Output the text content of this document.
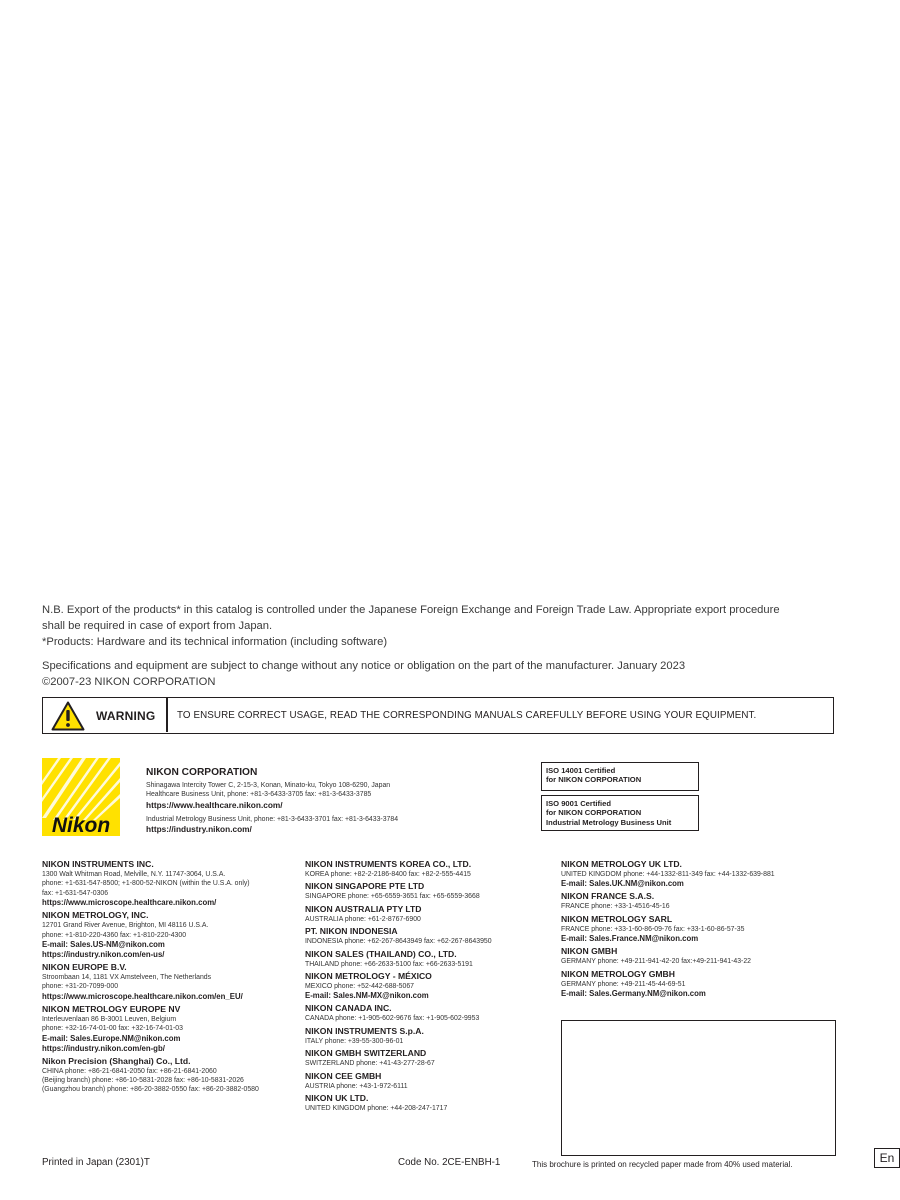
N.B. Export of the products* in this catalog is controlled under the Japanese Foreign Exchange and Foreign Trade Law. Appropriate export procedure

shall be required in case of export from Japan.

*Products: Hardware and its technical information (including software)

Specifications and equipment are subject to change without any notice or obligation on the part of the manufacturer. January 2023

©2007-23 NIKON CORPORATION

WARNING TO ENSURE CORRECT USAGE, READ THE CORRESPONDING MANUALS CAREFULLY BEFORE USING YOUR EQUIPMENT.
Nikon
NIKON CORPORATION
Shinagawa Intercity Tower C, 2-15-3, Konan, Minato-ku, Tokyo 108-6290, Japan
Healthcare Business Unit, phone: +81-3-6433-3705 fax: +81-3-6433-3785
https://www.healthcare.nikon.com/
Industrial Metrology Business Unit, phone: +81-3-6433-3701 fax: +81-3-6433-3784
https://industry.nikon.com/
ISO 14001 Certified
for NIKON CORPORATION
ISO 9001 Certified
for NIKON CORPORATION
Industrial Metrology Business Unit
NIKON INSTRUMENTS INC.
1300 Walt Whitman Road, Melville, N.Y. 11747-3064, U.S.A.
phone: +1-631-547-8500; +1-800-52-NIKON (within the U.S.A. only)
fax: +1-631-547-0306
https://www.microscope.healthcare.nikon.com/
NIKON METROLOGY, INC.
12701 Grand River Avenue, Brighton, MI 48116 U.S.A.
phone: +1-810-220-4360 fax: +1-810-220-4300
E-mail: Sales.US-NM@nikon.com
https://industry.nikon.com/en-us/
NIKON EUROPE B.V.
Stroombaan 14, 1181 VX Amstelveen, The Netherlands
phone: +31-20-7099-000
https://www.microscope.healthcare.nikon.com/en_EU/
NIKON METROLOGY EUROPE NV
Interleuvenlaan 86 B-3001 Leuven, Belgium
phone: +32-16-74-01-00 fax: +32-16-74-01-03
E-mail: Sales.Europe.NM@nikon.com
https://industry.nikon.com/en-gb/
Nikon Precision (Shanghai) Co., Ltd.
CHINA phone: +86-21-6841-2050 fax: +86-21-6841-2060
(Beijing branch) phone: +86-10-5831-2028 fax: +86-10-5831-2026
(Guangzhou branch) phone: +86-20-3882-0550 fax: +86-20-3882-0580
NIKON INSTRUMENTS KOREA CO., LTD.
KOREA phone: +82-2-2186-8400 fax: +82-2-555-4415
NIKON SINGAPORE PTE LTD
SINGAPORE phone: +65-6559-3651 fax: +65-6559-3668
NIKON AUSTRALIA PTY LTD
AUSTRALIA phone: +61-2-8767-6900
PT. NIKON INDONESIA
INDONESIA phone: +62-267-8643949 fax: +62-267-8643950
NIKON SALES (THAILAND) CO., LTD.
THAILAND phone: +66-2633-5100 fax: +66-2633-5191
NIKON METROLOGY - MÉXICO
MEXICO phone: +52-442-688-5067
E-mail: Sales.NM-MX@nikon.com
NIKON CANADA INC.
CANADA phone: +1-905-602-9676 fax: +1-905-602-9953
NIKON INSTRUMENTS S.p.A.
ITALY phone: +39-55-300-96-01
NIKON GMBH SWITZERLAND
SWITZERLAND phone: +41-43-277-28-67
NIKON CEE GMBH
AUSTRIA phone: +43-1-972-6111
NIKON UK LTD.
UNITED KINGDOM phone: +44-208-247-1717
NIKON METROLOGY UK LTD.
UNITED KINGDOM phone: +44-1332-811-349 fax: +44-1332-639-881
E-mail: Sales.UK.NM@nikon.com
NIKON FRANCE S.A.S.
FRANCE phone: +33-1-4516-45-16
NIKON METROLOGY SARL
FRANCE phone: +33-1-60-86-09-76 fax: +33-1-60-86-57-35
E-mail: Sales.France.NM@nikon.com
NIKON GMBH
GERMANY phone: +49-211-941-42-20 fax:+49-211-941-43-22
NIKON METROLOGY GMBH
GERMANY phone: +49-211-45-44-69-51
E-mail: Sales.Germany.NM@nikon.com
Printed in Japan (2301)T	Code No. 2CE-ENBH-1	This brochure is printed on recycled paper made from 40% used material.	En
